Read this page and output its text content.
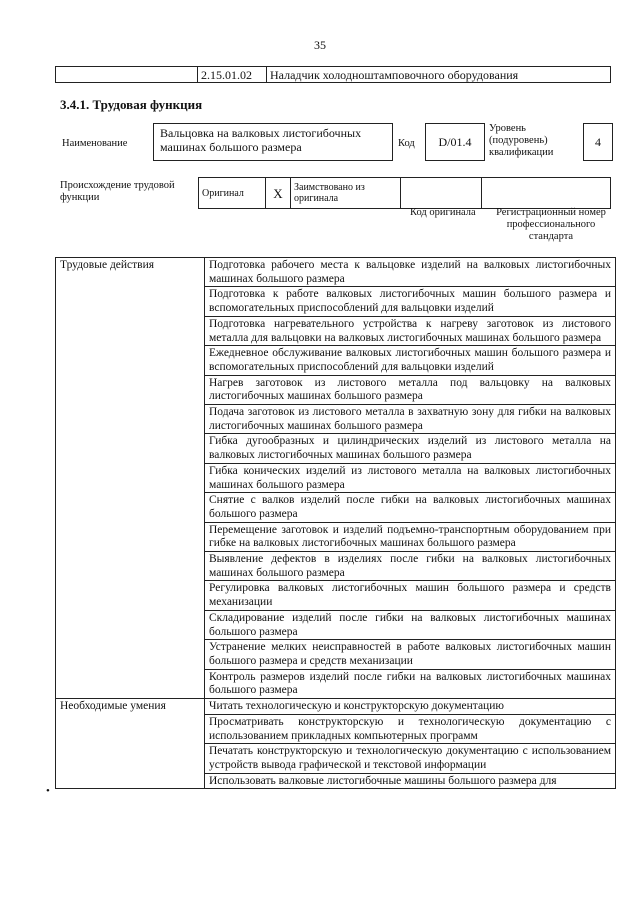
35
	2.15.01.02	Наладчик холодноштамповочного оборудования
3.4.1. Трудовая функция
Наименование
Вальцовка на валковых листогибочных машинах большого размера	Код	D/01.4
Уровень (подуровень) квалификации
4
Происхождение трудовой функции	Оригинал	X	Заимствовано из оригинала		
Код оригинала	Регистрационный номер профессионального стандарта
Трудовые действия	Подготовка рабочего места к вальцовке изделий на валковых листогибочных машинах большого размера
	Подготовка к работе валковых листогибочных машин большого размера и вспомогательных приспособлений для вальцовки изделий
	Подготовка нагревательного устройства к нагреву заготовок из листового металла для вальцовки на валковых листогибочных машинах большого размера
	Ежедневное обслуживание валковых листогибочных машин большого размера и вспомогательных приспособлений для вальцовки изделий
	Нагрев заготовок из листового металла под вальцовку на валковых листогибочных машинах большого размера
	Подача заготовок из листового металла в захватную зону для гибки на валковых листогибочных машинах большого размера
	Гибка дугообразных и цилиндрических изделий из листового металла на валковых листогибочных машинах большого размера
	Гибка конических изделий из листового металла на валковых листогибочных машинах большого размера
	Снятие с валков изделий после гибки на валковых листогибочных машинах большого размера
	Перемещение заготовок и изделий подъемно-транспортным оборудованием при гибке на валковых листогибочных машинах большого размера
	Выявление дефектов в изделиях после гибки на валковых листогибочных машинах большого размера
	Регулировка валковых листогибочных машин большого размера и средств механизации
	Складирование изделий после гибки на валковых листогибочных машинах большого размера
	Устранение мелких неисправностей в работе валковых листогибочных машин большого размера и средств механизации
	Контроль размеров изделий после гибки на валковых листогибочных машинах большого размера
Необходимые умения	Читать технологическую и конструкторскую документацию
	Просматривать конструкторскую и технологическую документацию с использованием прикладных компьютерных программ
	Печатать конструкторскую и технологическую документацию с использованием устройств вывода графической и текстовой информации
	Использовать валковые листогибочные машины большого размера для
•
